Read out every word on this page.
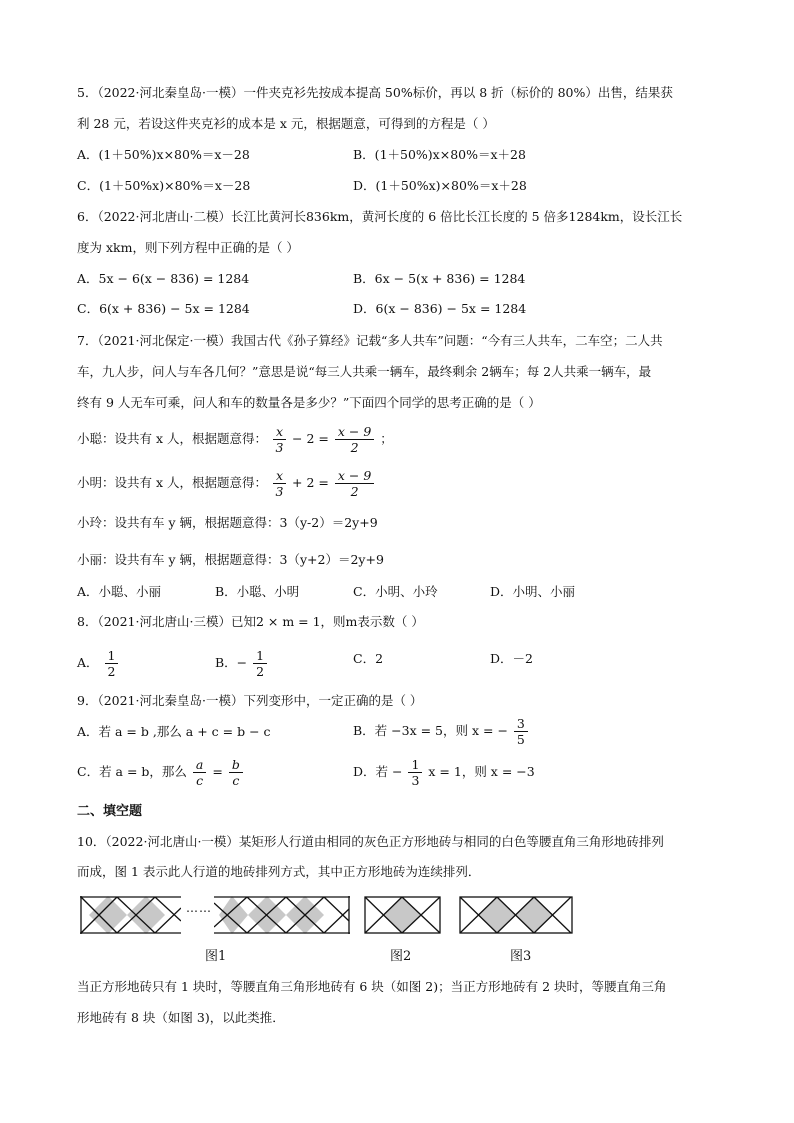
5．（2022·河北秦皇岛·一模）一件夹克衫先按成本提高 50%标价，再以 8 折（标价的 80%）出售，结果获
利 28 元，若设这件夹克衫的成本是 x 元，根据题意，可得到的方程是（ ）
A．(1＋50%)x×80%＝x－28	B．(1＋50%)x×80%＝x＋28
C．(1＋50%x)×80%＝x－28	D．(1＋50%x)×80%＝x＋28
6．（2022·河北唐山·二模）长江比黄河长836km，黄河长度的 6 倍比长江长度的 5 倍多1284km，设长江长
度为 xkm，则下列方程中正确的是（ ）
A．5x − 6(x − 836) = 1284	B．6x − 5(x + 836) = 1284
C．6(x + 836) − 5x = 1284	D．6(x − 836) − 5x = 1284
7．（2021·河北保定·一模）我国古代《孙子算经》记载“多人共车”问题：“今有三人共车，二车空；二人共
车，九人步，问人与车各几何？”意思是说“每三人共乘一辆车，最终剩余 2辆车；每 2人共乘一辆车，最
终有 9 人无车可乘，问人和车的数量各是多少？”下面四个同学的思考正确的是（ ）
小聪：设共有 x 人，根据题意得： $\frac{x}{3} - 2 = \frac{x - 9}{2}$ ；
小明：设共有 x 人，根据题意得： $\frac{x}{3} + 2 = \frac{x - 9}{2}$
小玲：设共有车 y 辆，根据题意得：3（y-2）＝2y+9
小丽：设共有车 y 辆，根据题意得：3（y+2）＝2y+9
A．小聪、小丽	B．小聪、小明	C．小明、小玲	D．小明、小丽
8．（2021·河北唐山·三模）已知2 × m = 1，则m表示数（ ）
A． $\frac{1}{2}$	B．− $\frac{1}{2}$	C．2	D．－2
9．（2021·河北秦皇岛·一模）下列变形中，一定正确的是（ ）
A．若 a = b ,那么 a + c = b − c	B．若 −3x = 5，则 x = − $\frac{3}{5}$
C．若 a = b，那么 $\frac{a}{c} = \frac{b}{c}$	D．若 − $\frac{1}{3}$ x = 1，则 x = −3
二、填空题
10．（2022·河北唐山·一模）某矩形人行道由相同的灰色正方形地砖与相同的白色等腰直角三角形地砖排列
而成，图 1 表示此人行道的地砖排列方式，其中正方形地砖为连续排列．
……
图1	图2	图3
当正方形地砖只有 1 块时，等腰直角三角形地砖有 6 块（如图 2)；当正方形地砖有 2 块时，等腰直角三角
形地砖有 8 块（如图 3)，以此类推．
